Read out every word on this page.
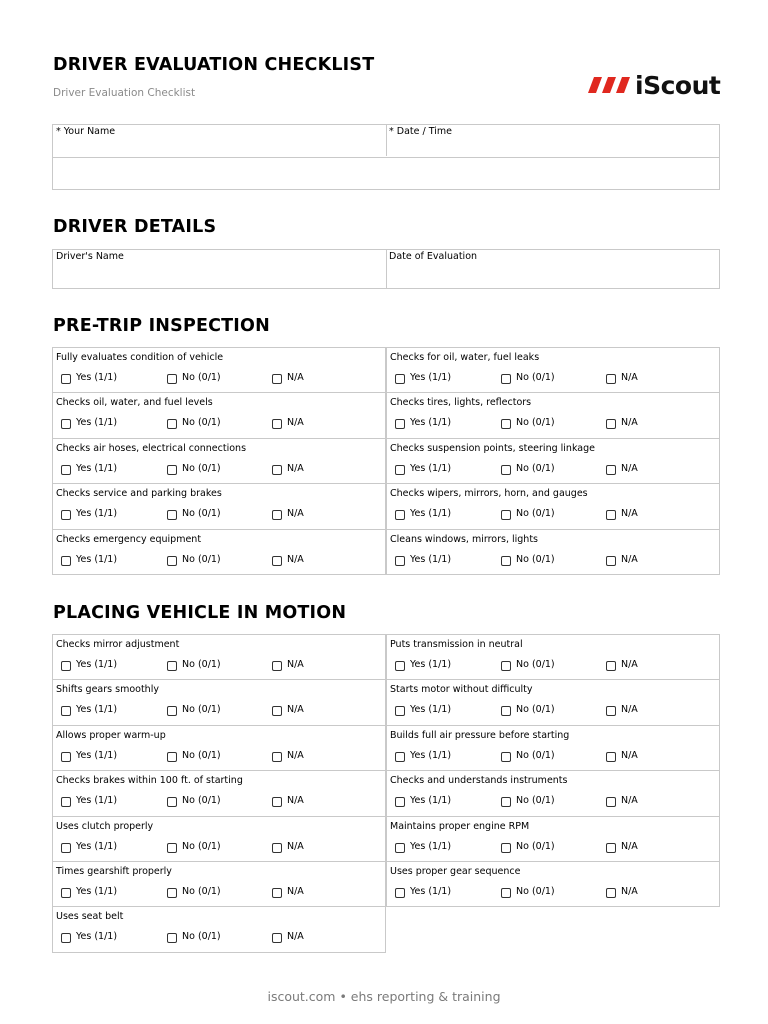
DRIVER EVALUATION CHECKLIST
Driver Evaluation Checklist	iScout
* Your Name	* Date / Time
DRIVER DETAILS
Driver's Name	Date of Evaluation
PRE-TRIP INSPECTION
Fully evaluates condition of vehicle
Yes (1/1)	No (0/1)	N/A
Checks for oil, water, fuel leaks
Yes (1/1)	No (0/1)	N/A
Checks oil, water, and fuel levels
Yes (1/1)	No (0/1)	N/A
Checks tires, lights, reflectors
Yes (1/1)	No (0/1)	N/A
Checks air hoses, electrical connections
Yes (1/1)	No (0/1)	N/A
Checks suspension points, steering linkage
Yes (1/1)	No (0/1)	N/A
Checks service and parking brakes
Yes (1/1)	No (0/1)	N/A
Checks wipers, mirrors, horn, and gauges
Yes (1/1)	No (0/1)	N/A
Checks emergency equipment
Yes (1/1)	No (0/1)	N/A
Cleans windows, mirrors, lights
Yes (1/1)	No (0/1)	N/A
PLACING VEHICLE IN MOTION
Checks mirror adjustment
Yes (1/1)	No (0/1)	N/A
Puts transmission in neutral
Yes (1/1)	No (0/1)	N/A
Shifts gears smoothly
Yes (1/1)	No (0/1)	N/A
Starts motor without difficulty
Yes (1/1)	No (0/1)	N/A
Allows proper warm-up
Yes (1/1)	No (0/1)	N/A
Builds full air pressure before starting
Yes (1/1)	No (0/1)	N/A
Checks brakes within 100 ft. of starting
Yes (1/1)	No (0/1)	N/A
Checks and understands instruments
Yes (1/1)	No (0/1)	N/A
Uses clutch properly
Yes (1/1)	No (0/1)	N/A
Maintains proper engine RPM
Yes (1/1)	No (0/1)	N/A
Times gearshift properly
Yes (1/1)	No (0/1)	N/A
Uses proper gear sequence
Yes (1/1)	No (0/1)	N/A
Uses seat belt
Yes (1/1)	No (0/1)	N/A
iscout.com • ehs reporting & training
